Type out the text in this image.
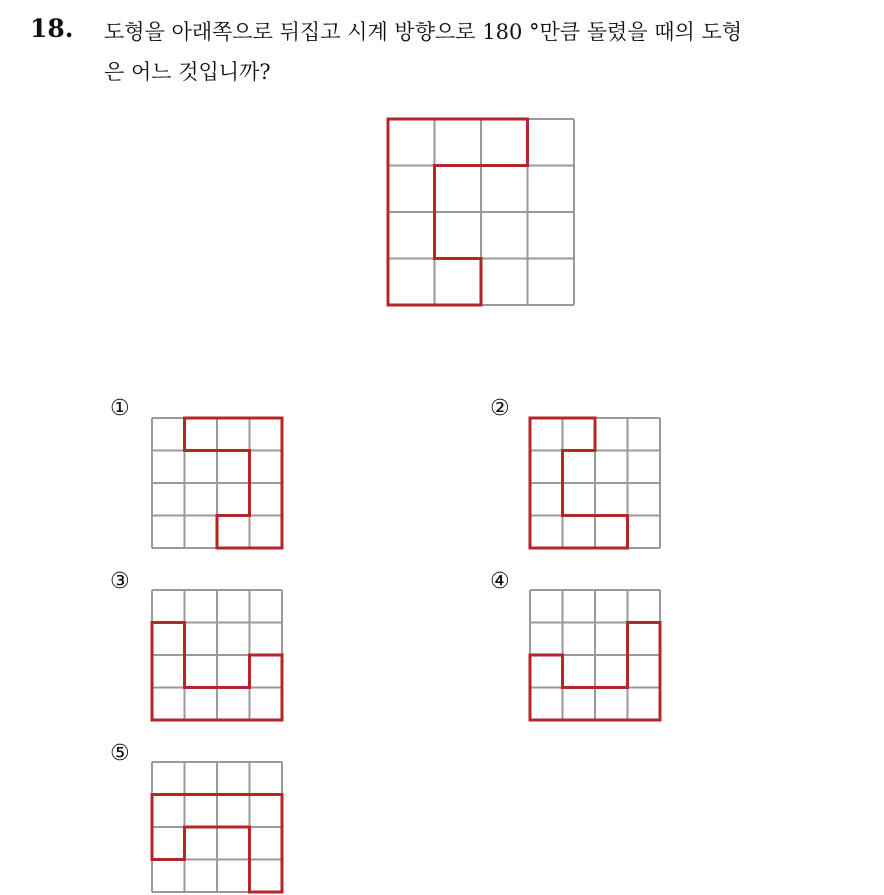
18. 도형을 아래쪽으로 뒤집고 시계 방향으로 180 °만큼 돌렸을 때의 도형
은 어느 것입니까?
①	②
③	④
⑤
